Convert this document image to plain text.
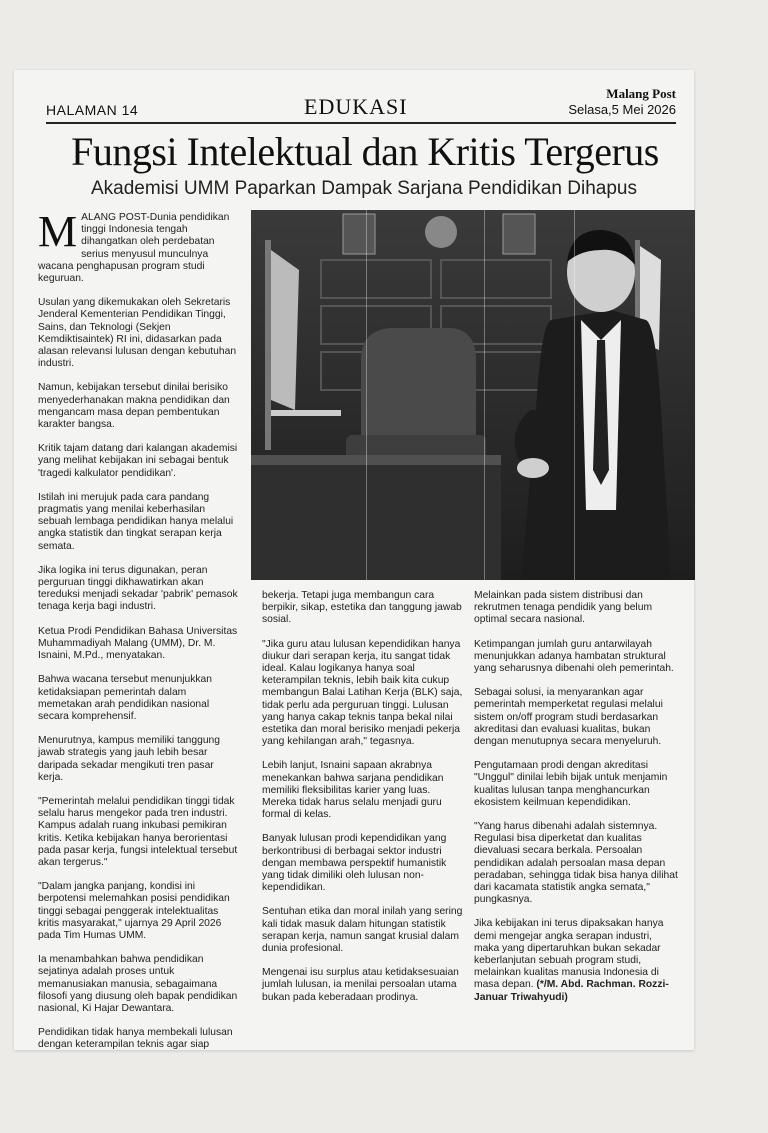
HALAMAN 14	EDUKASI
Malang Post
Selasa,5 Mei 2026
Fungsi Intelektual dan Kritis Tergerus
Akademisi UMM Paparkan Dampak Sarjana Pendidikan Dihapus

MALANG POST-Dunia pendidikan tinggi Indonesia tengah dihangatkan oleh perdebatan serius menyusul munculnya wacana penghapusan program studi keguruan.

Usulan yang dikemukakan oleh Sekretaris Jenderal Kementerian Pendidikan Tinggi, Sains, dan Teknologi (Sekjen Kemdiktisaintek) RI ini, didasarkan pada alasan relevansi lulusan dengan kebutuhan industri.

Namun, kebijakan tersebut dinilai berisiko menyederhanakan makna pendidikan dan mengancam masa depan pembentukan karakter bangsa.

Kritik tajam datang dari kalangan akademisi yang melihat kebijakan ini sebagai bentuk 'tragedi kalkulator pendidikan'.

Istilah ini merujuk pada cara pandang pragmatis yang menilai keberhasilan sebuah lembaga pendidikan hanya melalui angka statistik dan tingkat serapan kerja semata.

Jika logika ini terus digunakan, peran perguruan tinggi dikhawatirkan akan tereduksi menjadi sekadar 'pabrik' pemasok tenaga kerja bagi industri.

Ketua Prodi Pendidikan Bahasa Universitas Muhammadiyah Malang (UMM), Dr. M. Isnaini, M.Pd., menyatakan.

Bahwa wacana tersebut menunjukkan ketidaksiapan pemerintah dalam memetakan arah pendidikan nasional secara komprehensif.

Menurutnya, kampus memiliki tanggung jawab strategis yang jauh lebih besar daripada sekadar mengikuti tren pasar kerja.

"Pemerintah melalui pendidikan tinggi tidak selalu harus mengekor pada tren industri. Kampus adalah ruang inkubasi pemikiran kritis. Ketika kebijakan hanya berorientasi pada pasar kerja, fungsi intelektual tersebut akan tergerus."

"Dalam jangka panjang, kondisi ini berpotensi melemahkan posisi pendidikan tinggi sebagai penggerak intelektualitas kritis masyarakat," ujarnya 29 April 2026 pada Tim Humas UMM.

Ia menambahkan bahwa pendidikan sejatinya adalah proses untuk memanusiakan manusia, sebagaimana filosofi yang diusung oleh bapak pendidikan nasional, Ki Hajar Dewantara.

Pendidikan tidak hanya membekali lulusan dengan keterampilan teknis agar siap

bekerja. Tetapi juga membangun cara berpikir, sikap, estetika dan tanggung jawab sosial.

"Jika guru atau lulusan kependidikan hanya diukur dari serapan kerja, itu sangat tidak ideal. Kalau logikanya hanya soal keterampilan teknis, lebih baik kita cukup membangun Balai Latihan Kerja (BLK) saja, tidak perlu ada perguruan tinggi. Lulusan yang hanya cakap teknis tanpa bekal nilai estetika dan moral berisiko menjadi pekerja yang kehilangan arah," tegasnya.

Lebih lanjut, Isnaini sapaan akrabnya menekankan bahwa sarjana pendidikan memiliki fleksibilitas karier yang luas. Mereka tidak harus selalu menjadi guru formal di kelas.

Banyak lulusan prodi kependidikan yang berkontribusi di berbagai sektor industri dengan membawa perspektif humanistik yang tidak dimiliki oleh lulusan non-kependidikan.

Sentuhan etika dan moral inilah yang sering kali tidak masuk dalam hitungan statistik serapan kerja, namun sangat krusial dalam dunia profesional.

Mengenai isu surplus atau ketidaksesuaian jumlah lulusan, ia menilai persoalan utama bukan pada keberadaan prodinya.

Melainkan pada sistem distribusi dan rekrutmen tenaga pendidik yang belum optimal secara nasional.

Ketimpangan jumlah guru antarwilayah menunjukkan adanya hambatan struktural yang seharusnya dibenahi oleh pemerintah.

Sebagai solusi, ia menyarankan agar pemerintah memperketat regulasi melalui sistem on/off program studi berdasarkan akreditasi dan evaluasi kualitas, bukan dengan menutupnya secara menyeluruh.

Pengutamaan prodi dengan akreditasi "Unggul" dinilai lebih bijak untuk menjamin kualitas lulusan tanpa menghancurkan ekosistem keilmuan kependidikan.

"Yang harus dibenahi adalah sistemnya. Regulasi bisa diperketat dan kualitas dievaluasi secara berkala. Persoalan pendidikan adalah persoalan masa depan peradaban, sehingga tidak bisa hanya dilihat dari kacamata statistik angka semata," pungkasnya.

Jika kebijakan ini terus dipaksakan hanya demi mengejar angka serapan industri, maka yang dipertaruhkan bukan sekadar keberlanjutan sebuah program studi, melainkan kualitas manusia Indonesia di masa depan. (*/M. Abd. Rachman. Rozzi-Januar Triwahyudi)
